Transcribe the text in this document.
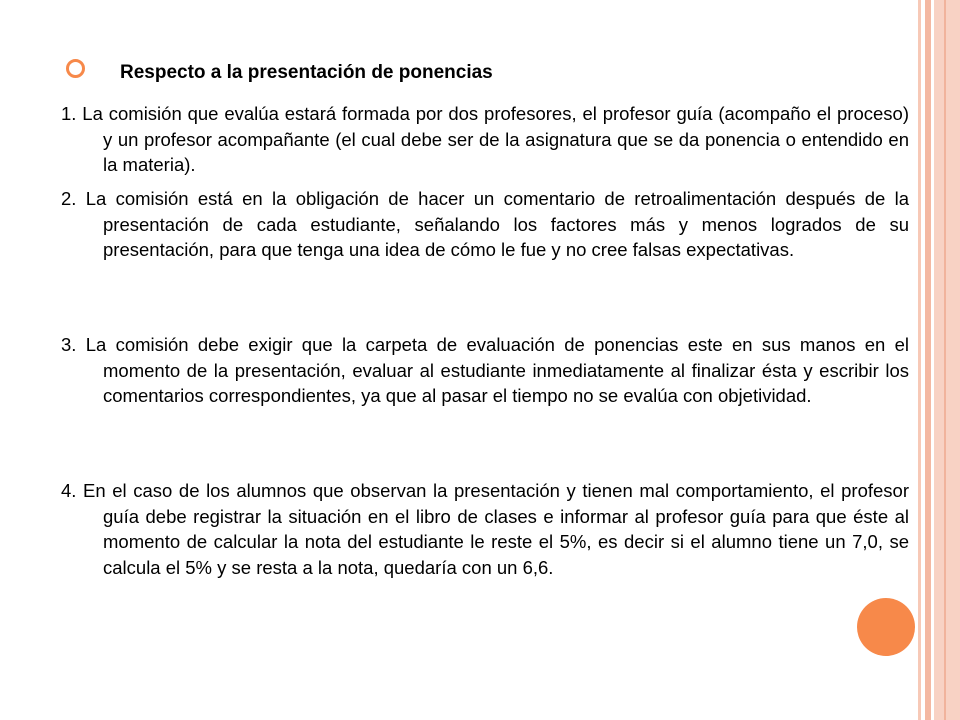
Respecto a la presentación de ponencias
1. La comisión que evalúa estará formada por dos profesores, el profesor guía (acompaño el proceso) y un profesor acompañante (el cual debe ser de la asignatura que se da ponencia o entendido en la materia).
2. La comisión está en la obligación de hacer un comentario de retroalimentación después de la presentación de cada estudiante, señalando los factores más y menos logrados de su presentación, para que tenga una idea de cómo le fue y no cree falsas expectativas.
3. La comisión debe exigir que la carpeta de evaluación de ponencias este en sus manos en el momento de la presentación, evaluar al estudiante inmediatamente al finalizar ésta y escribir los comentarios correspondientes, ya que al pasar el tiempo no se evalúa con objetividad.
4. En el caso de los alumnos que observan la presentación y tienen mal comportamiento, el profesor guía debe registrar la situación en el libro de clases e informar al profesor guía para que éste al momento de calcular la nota del estudiante le reste el 5%, es decir si el alumno tiene un 7,0, se calcula el 5% y se resta a la nota, quedaría con un 6,6.
